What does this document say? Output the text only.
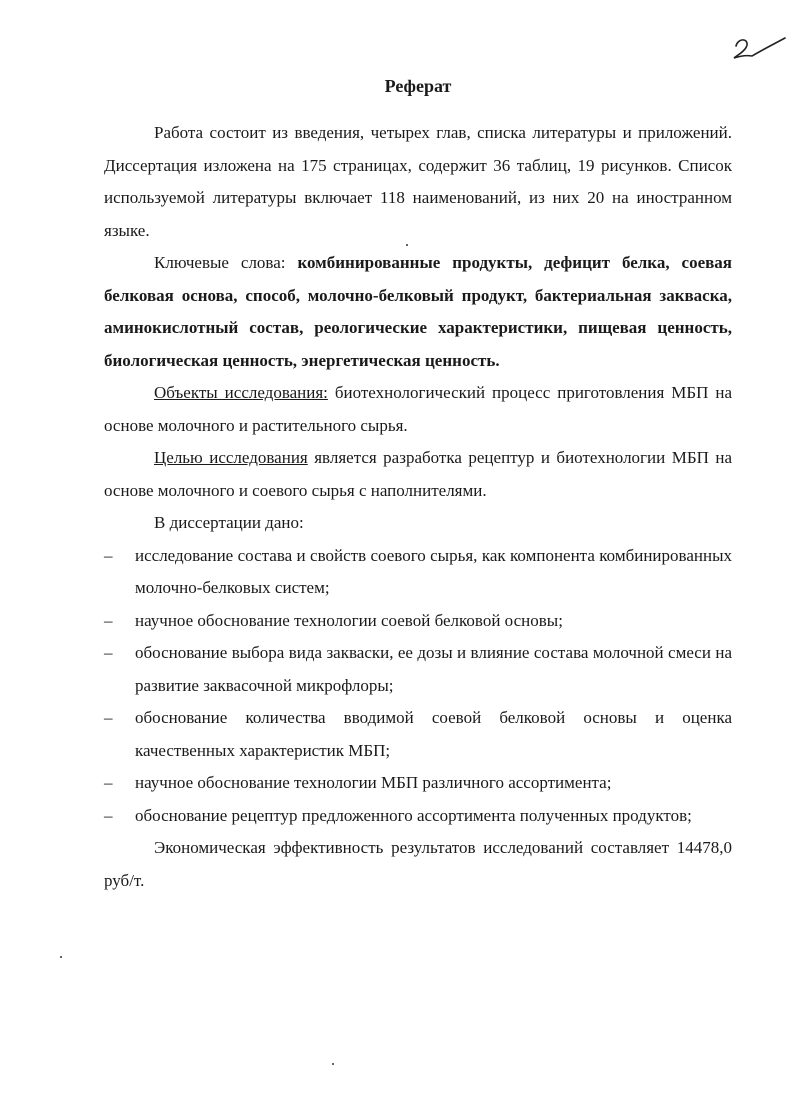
Реферат

Работа состоит из введения, четырех глав, списка литературы и приложений. Диссертация изложена на 175 страницах, содержит 36 таблиц, 19 рисунков. Список используемой литературы включает 118 наименований, из них 20 на иностранном языке.

Ключевые слова: комбинированные продукты, дефицит белка, соевая белковая основа, способ, молочно-белковый продукт, бактериальная закваска, аминокислотный состав, реологические характеристики, пищевая ценность, биологическая ценность, энергетическая ценность.

Объекты исследования: биотехнологический процесс приготовления МБП на основе молочного и растительного сырья.

Целью исследования является разработка рецептур и биотехнологии МБП на основе молочного и соевого сырья с наполнителями.

В диссертации дано:

– исследование состава и свойств соевого сырья, как компонента комбинированных молочно-белковых систем;
– научное обоснование технологии соевой белковой основы;
– обоснование выбора вида закваски, ее дозы и влияние состава молочной смеси на развитие заквасочной микрофлоры;
– обоснование количества вводимой соевой белковой основы и оценка качественных характеристик МБП;
– научное обоснование технологии МБП различного ассортимента;
– обоснование рецептур предложенного ассортимента полученных продуктов;

Экономическая эффективность результатов исследований составляет 14478,0 руб/т.
